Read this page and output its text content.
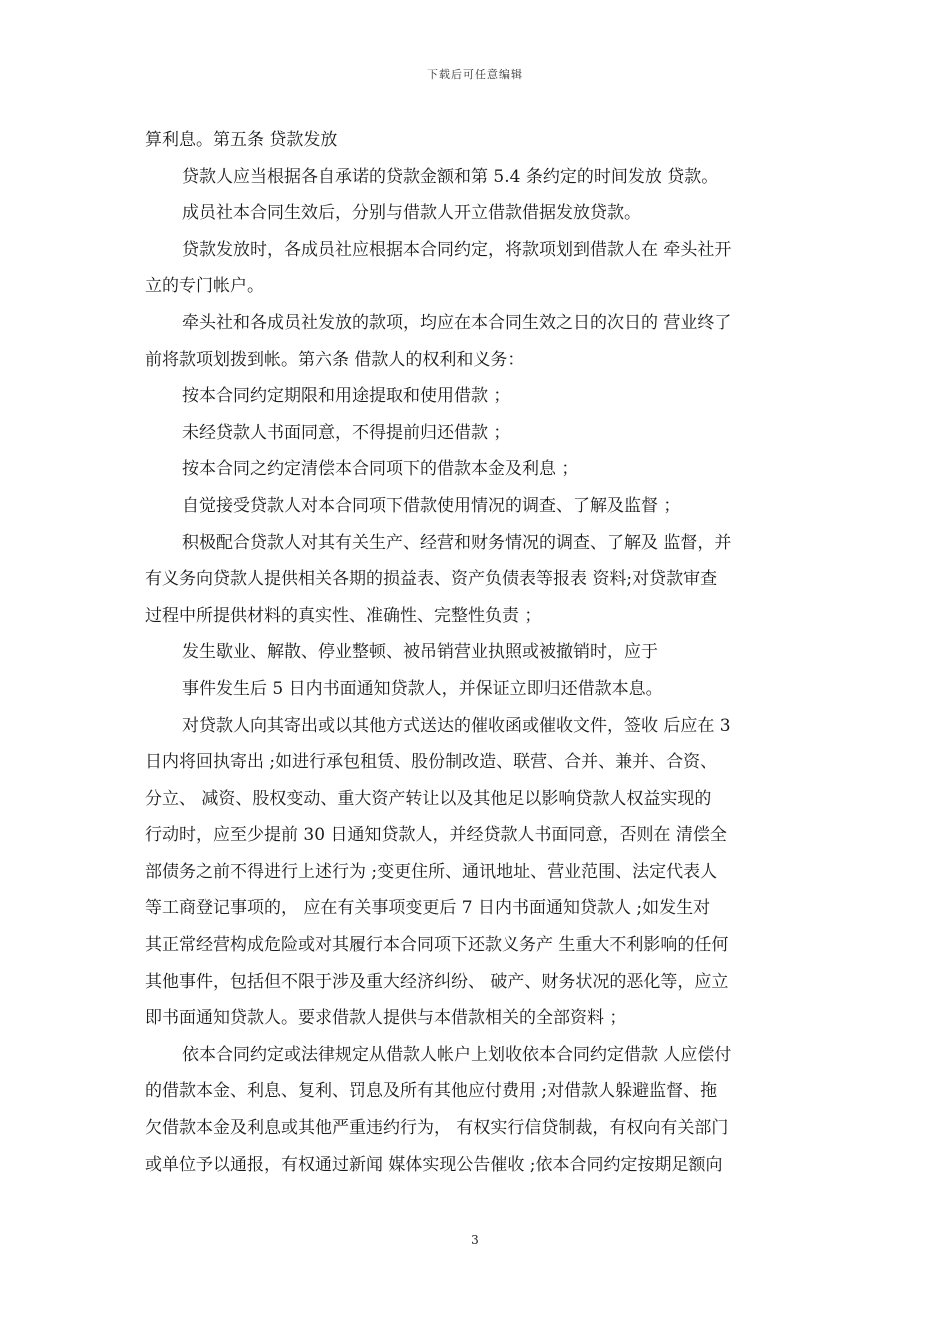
下载后可任意编辑
算利息。第五条 贷款发放
贷款人应当根据各自承诺的贷款金额和第 5.4 条约定的时间发放 贷款。
成员社本合同生效后，分别与借款人开立借款借据发放贷款。
贷款发放时，各成员社应根据本合同约定，将款项划到借款人在 牵头社开
立的专门帐户。
牵头社和各成员社发放的款项，均应在本合同生效之日的次日的 营业终了
前将款项划拨到帐。第六条 借款人的权利和义务：
按本合同约定期限和用途提取和使用借款 ；
未经贷款人书面同意，不得提前归还借款 ；
按本合同之约定清偿本合同项下的借款本金及利息 ；
自觉接受贷款人对本合同项下借款使用情况的调查、了解及监督 ；
积极配合贷款人对其有关生产、经营和财务情况的调查、了解及 监督，并
有义务向贷款人提供相关各期的损益表、资产负债表等报表 资料;对贷款审查
过程中所提供材料的真实性、准确性、完整性负责 ；
发生歇业、解散、停业整顿、被吊销营业执照或被撤销时，应于
事件发生后 5 日内书面通知贷款人，并保证立即归还借款本息。
对贷款人向其寄出或以其他方式送达的催收函或催收文件，签收 后应在 3
日内将回执寄出 ;如进行承包租赁、股份制改造、联营、合并、兼并、合资、
分立、 减资、股权变动、重大资产转让以及其他足以影响贷款人权益实现的
行动时，应至少提前 30 日通知贷款人，并经贷款人书面同意，否则在 清偿全
部债务之前不得进行上述行为 ;变更住所、通讯地址、营业范围、法定代表人
等工商登记事项的， 应在有关事项变更后 7 日内书面通知贷款人 ;如发生对
其正常经营构成危险或对其履行本合同项下还款义务产 生重大不利影响的任何
其他事件，包括但不限于涉及重大经济纠纷、 破产、财务状况的恶化等，应立
即书面通知贷款人。要求借款人提供与本借款相关的全部资料 ；
依本合同约定或法律规定从借款人帐户上划收依本合同约定借款 人应偿付
的借款本金、利息、复利、罚息及所有其他应付费用 ;对借款人躲避监督、拖
欠借款本金及利息或其他严重违约行为， 有权实行信贷制裁，有权向有关部门
或单位予以通报，有权通过新闻 媒体实现公告催收 ;依本合同约定按期足额向
3
